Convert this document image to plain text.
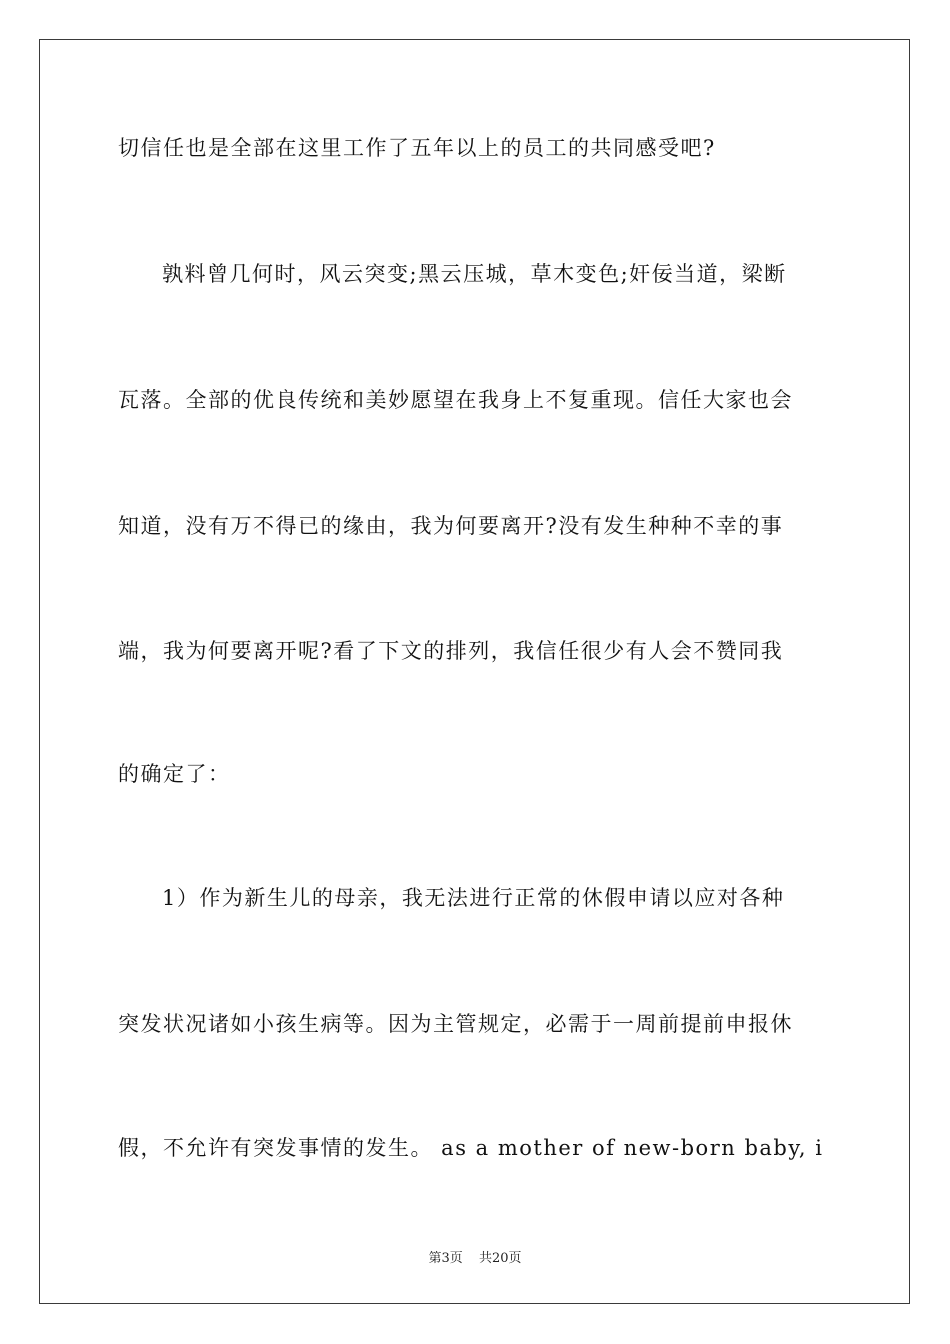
切信任也是全部在这里工作了五年以上的员工的共同感受吧?
孰料曾几何时，风云突变;黑云压城，草木变色;奸佞当道，梁断
瓦落。全部的优良传统和美妙愿望在我身上不复重现。信任大家也会
知道，没有万不得已的缘由，我为何要离开?没有发生种种不幸的事
端，我为何要离开呢?看了下文的排列，我信任很少有人会不赞同我
的确定了：
1）作为新生儿的母亲，我无法进行正常的休假申请以应对各种
突发状况诸如小孩生病等。因为主管规定，必需于一周前提前申报休
假，不允许有突发事情的发生。 as a mother of new-born baby, i
第3页 共20页
